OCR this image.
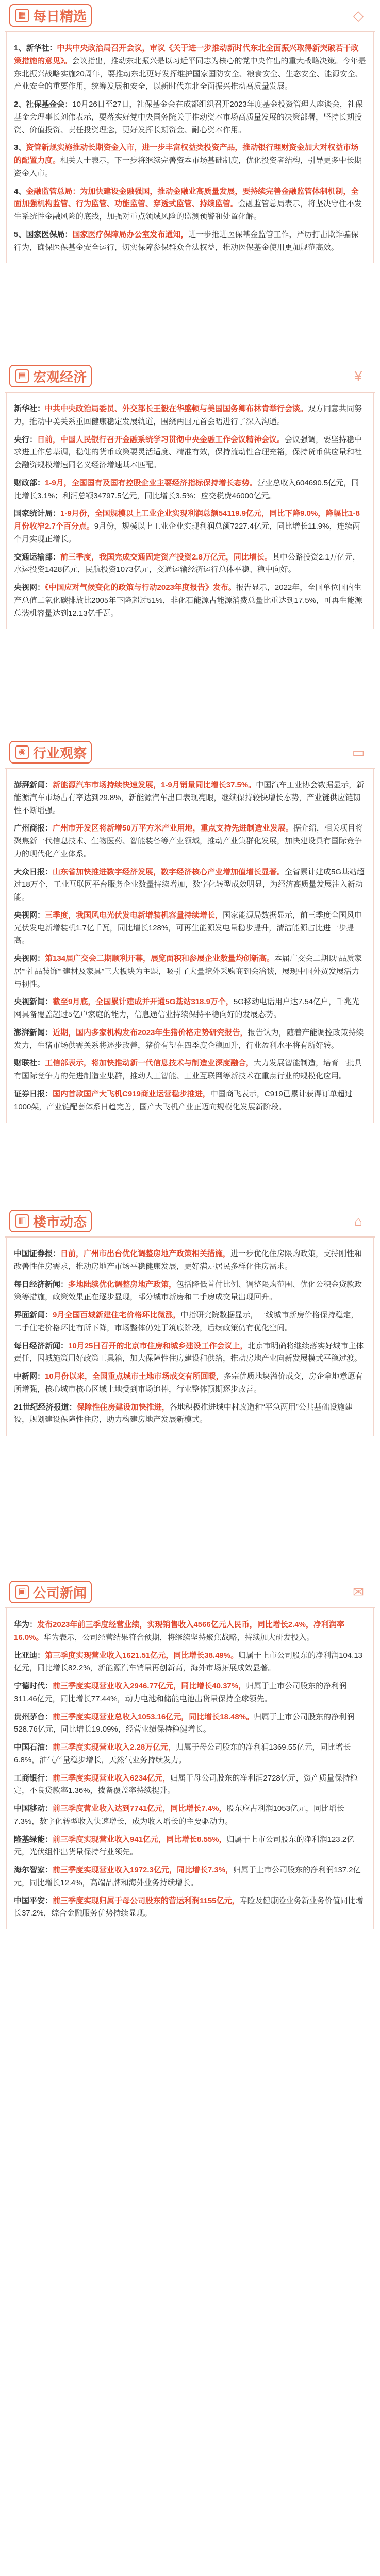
▦ 每日精选	◇
1、新华社：中共中央政治局召开会议，审议《关于进一步推动新时代东北全面振兴取得新突破若干政策措施的意见》。会议指出，推动东北振兴是以习近平同志为核心的党中央作出的重大战略决策。今年是东北振兴战略实施20周年，要推动东北更好发挥维护国家国防安全、粮食安全、生态安全、能源安全、产业安全的重要作用，统筹发展和安全，以新时代东北全面振兴推动高质量发展。
2、社保基金会：10月26日至27日，社保基金会在成都组织召开2023年度基金投资管理人座谈会，社保基金会理事长刘伟表示，要落实好党中央国务院关于推动资本市场高质量发展的决策部署，坚持长期投资、价值投资、责任投资理念，更好发挥长期资金、耐心资本作用。
3、资管新规实施推动长期资金入市，进一步丰富权益类投资产品，推动银行理财资金加大对权益市场的配置力度。相关人士表示，下一步将继续完善资本市场基础制度，优化投资者结构，引导更多中长期资金入市。
4、金融监管总局：为加快建设金融强国，推动金融业高质量发展，要持续完善金融监管体制机制，全面加强机构监管、行为监管、功能监管、穿透式监管、持续监管。金融监管总局表示，将坚决守住不发生系统性金融风险的底线，加强对重点领域风险的监测预警和处置化解。
5、国家医保局：国家医疗保障局办公室发布通知，进一步推进医保基金监管工作，严厉打击欺诈骗保行为，确保医保基金安全运行，切实保障参保群众合法权益，推动医保基金使用更加规范高效。
▤ 宏观经济	¥
新华社：中共中央政治局委员、外交部长王毅在华盛顿与美国国务卿布林肯举行会谈。双方同意共同努力，推动中美关系重回健康稳定发展轨道，围绕两国元首会晤进行了深入沟通。
央行：日前，中国人民银行召开金融系统学习贯彻中央金融工作会议精神会议。会议强调，要坚持稳中求进工作总基调，稳健的货币政策要灵活适度、精准有效，保持流动性合理充裕，保持货币供应量和社会融资规模增速同名义经济增速基本匹配。
财政部：1-9月，全国国有及国有控股企业主要经济指标保持增长态势。营业总收入604690.5亿元，同比增长3.1%；利润总额34797.5亿元，同比增长3.5%；应交税费46000亿元。
国家统计局：1-9月份，全国规模以上工业企业实现利润总额54119.9亿元，同比下降9.0%，降幅比1-8月份收窄2.7个百分点。9月份，规模以上工业企业实现利润总额7227.4亿元，同比增长11.9%，连续两个月实现正增长。
交通运输部：前三季度，我国完成交通固定资产投资2.8万亿元，同比增长。其中公路投资2.1万亿元，水运投资1428亿元，民航投资1073亿元，交通运输经济运行总体平稳、稳中向好。
央视网：《中国应对气候变化的政策与行动2023年度报告》发布。报告显示，2022年，全国单位国内生产总值二氧化碳排放比2005年下降超过51%，非化石能源占能源消费总量比重达到17.5%，可再生能源总装机容量达到12.13亿千瓦。
◉ 行业观察	▭
澎湃新闻：新能源汽车市场持续快速发展，1-9月销量同比增长37.5%。中国汽车工业协会数据显示，新能源汽车市场占有率达到29.8%，新能源汽车出口表现亮眼，继续保持较快增长态势，产业链供应链韧性不断增强。
广州商报：广州市开发区将新增50万平方米产业用地，重点支持先进制造业发展。据介绍，相关项目将聚焦新一代信息技术、生物医药、智能装备等产业领域，推动产业集群化发展，加快建设具有国际竞争力的现代化产业体系。
大众日报：山东省加快推进数字经济发展，数字经济核心产业增加值增长显著。全省累计建成5G基站超过18万个，工业互联网平台服务企业数量持续增加，数字化转型成效明显，为经济高质量发展注入新动能。
央视网：三季度，我国风电光伏发电新增装机容量持续增长，国家能源局数据显示，前三季度全国风电光伏发电新增装机1.7亿千瓦，同比增长128%，可再生能源发电量稳步提升，清洁能源占比进一步提高。
央视网：第134届广交会二期顺利开幕，展览面积和参展企业数量均创新高。本届广交会二期以“品质家居”“礼品装饰”“建材及家具”三大板块为主题，吸引了大量境外采购商到会洽谈，展现中国外贸发展活力与韧性。
央视新闻：截至9月底，全国累计建成并开通5G基站318.9万个，5G移动电话用户达7.54亿户，千兆光网具备覆盖超过5亿户家庭的能力，信息通信业持续保持平稳向好的发展态势。
澎湃新闻：近期，国内多家机构发布2023年生猪价格走势研究报告，报告认为，随着产能调控政策持续发力，生猪市场供需关系将逐步改善，猪价有望在四季度企稳回升，行业盈利水平将有所好转。
财联社：工信部表示，将加快推动新一代信息技术与制造业深度融合，大力发展智能制造，培育一批具有国际竞争力的先进制造业集群，推动人工智能、工业互联网等新技术在重点行业的规模化应用。
证券日报：国内首款国产大飞机C919商业运营稳步推进，中国商飞表示，C919已累计获得订单超过1000架，产业链配套体系日趋完善，国产大飞机产业正迈向规模化发展新阶段。
▥ 楼市动态	⌂
中国证券报：日前，广州市出台优化调整房地产政策相关措施，进一步优化住房限购政策，支持刚性和改善性住房需求，推动房地产市场平稳健康发展，更好满足居民多样化住房需求。
每日经济新闻：多地陆续优化调整房地产政策，包括降低首付比例、调整限购范围、优化公积金贷款政策等措施，政策效果正在逐步显现，部分城市新房和二手房成交量出现回升。
界面新闻：9月全国百城新建住宅价格环比微涨，中指研究院数据显示，一线城市新房价格保持稳定，二手住宅价格环比有所下降，市场整体仍处于筑底阶段，后续政策仍有优化空间。
每日经济新闻：10月25日召开的北京市住房和城乡建设工作会议上，北京市明确将继续落实好城市主体责任，因城施策用好政策工具箱，加大保障性住房建设和供给，推动房地产业向新发展模式平稳过渡。
中新网：10月份以来，全国重点城市土地市场成交有所回暖，多宗优质地块溢价成交，房企拿地意愿有所增强，核心城市核心区域土地受到市场追捧，行业整体预期逐步改善。
21世纪经济报道：保障性住房建设加快推进，各地积极推进城中村改造和“平急两用”公共基础设施建设，规划建设保障性住房，助力构建房地产发展新模式。
▣ 公司新闻	✉
华为：发布2023年前三季度经营业绩，实现销售收入4566亿元人民币，同比增长2.4%，净利润率16.0%。华为表示，公司经营结果符合预期，将继续坚持聚焦战略，持续加大研发投入。
比亚迪：第三季度实现营业收入1621.51亿元，同比增长38.49%。归属于上市公司股东的净利润104.13亿元，同比增长82.2%，新能源汽车销量再创新高，海外市场拓展成效显著。
宁德时代：前三季度实现营业收入2946.77亿元，同比增长40.37%，归属于上市公司股东的净利润311.46亿元，同比增长77.44%，动力电池和储能电池出货量保持全球领先。
贵州茅台：前三季度实现营业总收入1053.16亿元，同比增长18.48%。归属于上市公司股东的净利润528.76亿元，同比增长19.09%，经营业绩保持稳健增长。
中国石油：前三季度实现营业收入2.28万亿元，归属于母公司股东的净利润1369.55亿元，同比增长6.8%，油气产量稳步增长，天然气业务持续发力。
工商银行：前三季度实现营业收入6234亿元，归属于母公司股东的净利润2728亿元，资产质量保持稳定，不良贷款率1.36%，拨备覆盖率持续提升。
中国移动：前三季度营业收入达到7741亿元，同比增长7.4%，股东应占利润1053亿元，同比增长7.3%，数字化转型收入快速增长，成为收入增长的主要驱动力。
隆基绿能：前三季度实现营业收入941亿元，同比增长8.55%，归属于上市公司股东的净利润123.2亿元，光伏组件出货量保持行业领先。
海尔智家：前三季度实现营业收入1972.3亿元，同比增长7.3%，归属于上市公司股东的净利润137.2亿元，同比增长12.4%，高端品牌和海外业务持续增长。
中国平安：前三季度实现归属于母公司股东的营运利润1155亿元，寿险及健康险业务新业务价值同比增长37.2%，综合金融服务优势持续显现。
